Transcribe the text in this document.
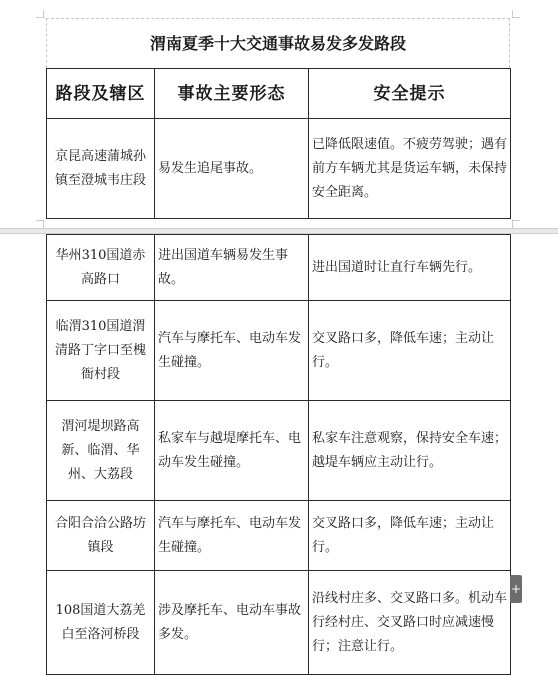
渭南夏季十大交通事故易发多发路段
路段及辖区	事故主要形态	安全提示
京昆高速蒲城孙镇至澄城韦庄段	易发生追尾事故。	已降低限速值。不疲劳驾驶；遇有前方车辆尤其是货运车辆，未保持安全距离。
华州310国道赤高路口	进出国道车辆易发生事故。	进出国道时让直行车辆先行。
临渭310国道渭清路丁字口至槐衙村段	汽车与摩托车、电动车发生碰撞。	交叉路口多，降低车速；主动让行。
渭河堤坝路高新、临渭、华州、大荔段	私家车与越堤摩托车、电动车发生碰撞。	私家车注意观察，保持安全车速；越堤车辆应主动让行。
合阳合洽公路坊镇段	汽车与摩托车、电动车发生碰撞。	交叉路口多，降低车速；主动让行。
108国道大荔羌白至洛河桥段	涉及摩托车、电动车事故多发。	沿线村庄多、交叉路口多。机动车行经村庄、交叉路口时应减速慢行；注意让行。
+
